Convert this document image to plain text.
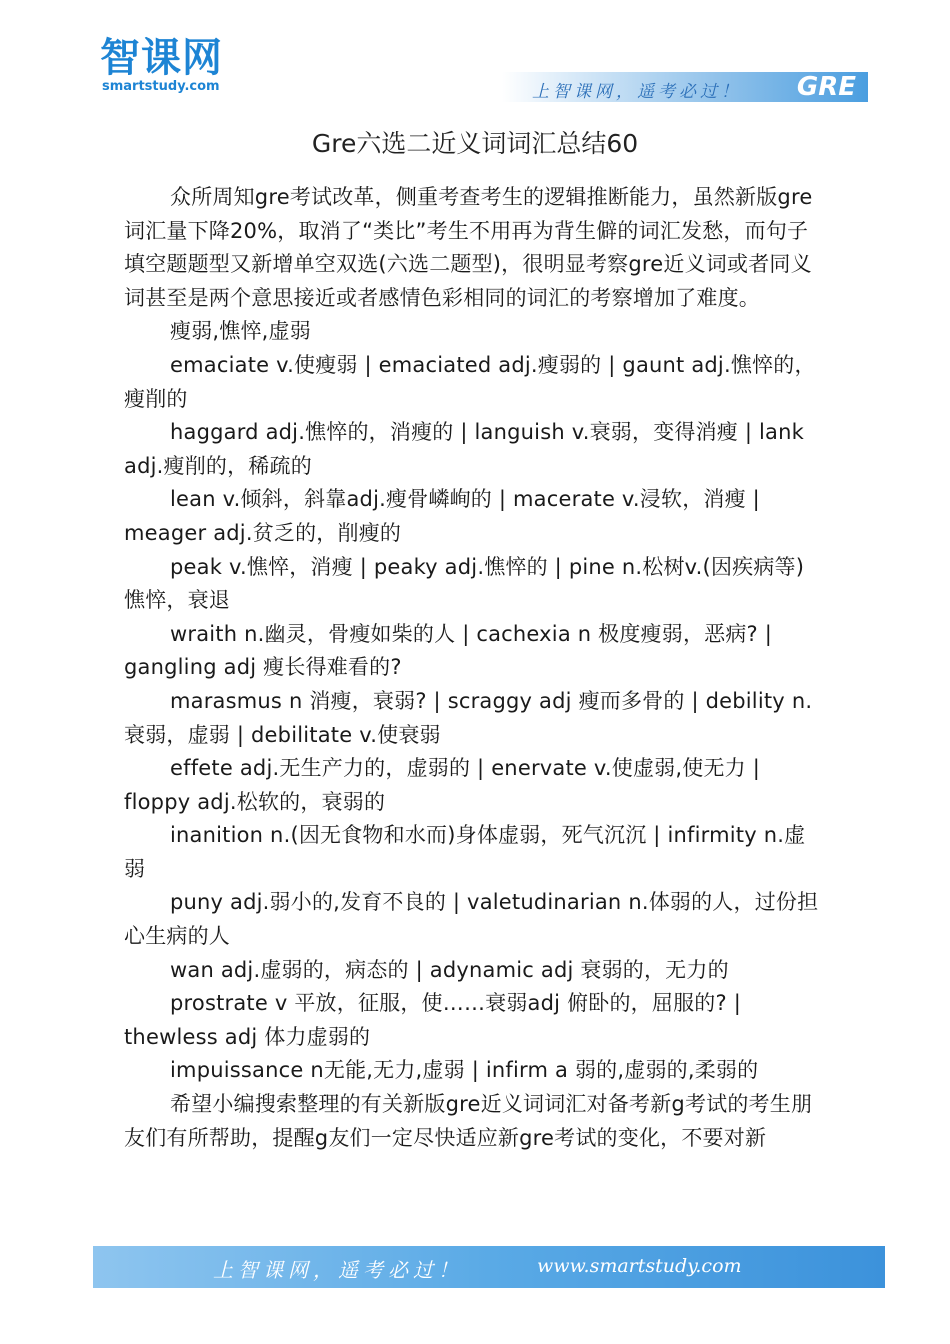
智课网
smartstudy.com	上智课网，遥考必过！ GRE
Gre六选二近义词词汇总结60

众所周知gre考试改革，侧重考查考生的逻辑推断能力，虽然新版gre词汇量下降20%，取消了“类比”考生不用再为背生僻的词汇发愁，而句子填空题题型又新增单空双选(六选二题型)，很明显考察gre近义词或者同义词甚至是两个意思接近或者感情色彩相同的词汇的考察增加了难度。

瘦弱,憔悴,虚弱

emaciate v.使瘦弱 | emaciated adj.瘦弱的 | gaunt adj.憔悴的，瘦削的

haggard adj.憔悴的，消瘦的 | languish v.衰弱，变得消瘦 | lank adj.瘦削的，稀疏的

lean v.倾斜，斜靠adj.瘦骨嶙峋的 | macerate v.浸软，消瘦 | meager adj.贫乏的，削瘦的

peak v.憔悴，消瘦 | peaky adj.憔悴的 | pine n.松树v.(因疾病等)憔悴，衰退

wraith n.幽灵，骨瘦如柴的人 | cachexia n 极度瘦弱，恶病? | gangling adj 瘦长得难看的?

marasmus n 消瘦，衰弱? | scraggy adj 瘦而多骨的 | debility n.衰弱，虚弱 | debilitate v.使衰弱

effete adj.无生产力的，虚弱的 | enervate v.使虚弱,使无力 | floppy adj.松软的，衰弱的

inanition n.(因无食物和水而)身体虚弱，死气沉沉 | infirmity n.虚弱

puny adj.弱小的,发育不良的 | valetudinarian n.体弱的人，过份担心生病的人

wan adj.虚弱的，病态的 | adynamic adj 衰弱的，无力的

prostrate v 平放，征服，使……衰弱adj 俯卧的，屈服的? | thewless adj 体力虚弱的

impuissance n无能,无力,虚弱 | infirm a 弱的,虚弱的,柔弱的

希望小编搜索整理的有关新版gre近义词词汇对备考新g考试的考生朋友们有所帮助，提醒g友们一定尽快适应新gre考试的变化，不要对新

上智课网，遥考必过！	www.smartstudy.com
